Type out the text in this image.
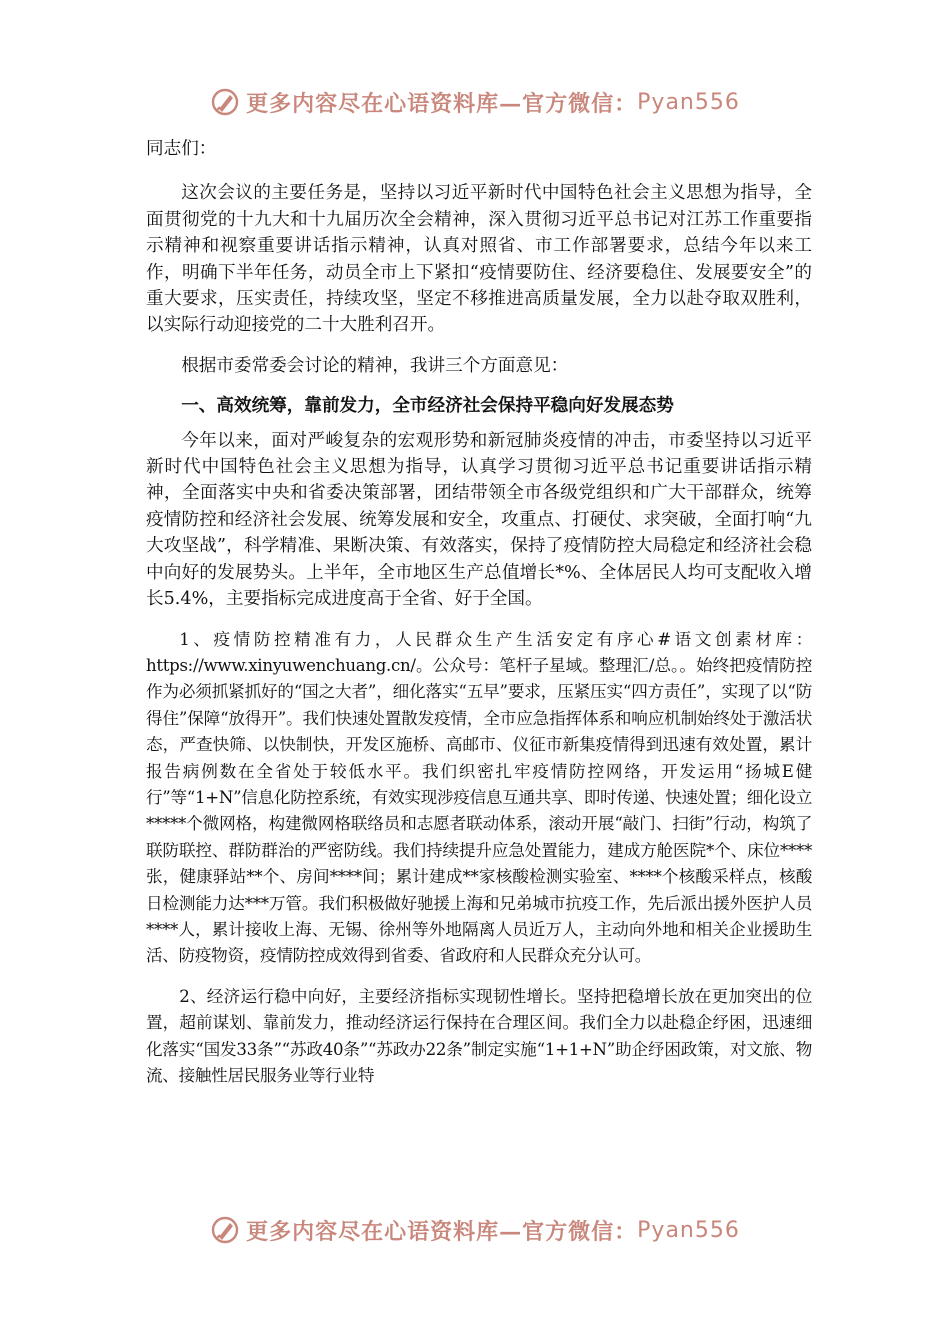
更多内容尽在心语资料库—官方微信： Pyan556

同志们：

这次会议的主要任务是，坚持以习近平新时代中国特色社会主义思想为指导，全面贯彻党的十九大和十九届历次全会精神，深入贯彻习近平总书记对江苏工作重要指示精神和视察重要讲话指示精神，认真对照省、市工作部署要求，总结今年以来工作，明确下半年任务，动员全市上下紧扣“疫情要防住、经济要稳住、发展要安全”的重大要求，压实责任，持续攻坚，坚定不移推进高质量发展，全力以赴夺取双胜利，以实际行动迎接党的二十大胜利召开。

根据市委常委会讨论的精神，我讲三个方面意见：

一、高效统筹，靠前发力，全市经济社会保持平稳向好发展态势

今年以来，面对严峻复杂的宏观形势和新冠肺炎疫情的冲击，市委坚持以习近平新时代中国特色社会主义思想为指导，认真学习贯彻习近平总书记重要讲话指示精神，全面落实中央和省委决策部署，团结带领全市各级党组织和广大干部群众，统筹疫情防控和经济社会发展、统筹发展和安全，攻重点、打硬仗、求突破，全面打响“九大攻坚战”，科学精准、果断决策、有效落实，保持了疫情防控大局稳定和经济社会稳中向好的发展势头。上半年，全市地区生产总值增长*%、全体居民人均可支配收入增长5.4%，主要指标完成进度高于全省、好于全国。

1、疫情防控精准有力，人民群众生产生活安定有序心#语文创素材库：https://www.xinyuwenchuang.cn/。公众号：笔杆子星域。整理汇/总。。始终把疫情防控作为必须抓紧抓好的“国之大者”，细化落实“五早”要求，压紧压实“四方责任”，实现了以“防得住”保障“放得开”。我们快速处置散发疫情，全市应急指挥体系和响应机制始终处于激活状态，严查快筛、以快制快，开发区施桥、高邮市、仪征市新集疫情得到迅速有效处置，累计报告病例数在全省处于较低水平。我们织密扎牢疫情防控网络，开发运用“扬城E健行”等“1+N”信息化防控系统，有效实现涉疫信息互通共享、即时传递、快速处置；细化设立*****个微网格，构建微网格联络员和志愿者联动体系，滚动开展“敲门、扫街”行动，构筑了联防联控、群防群治的严密防线。我们持续提升应急处置能力，建成方舱医院*个、床位****张，健康驿站**个、房间****间；累计建成**家核酸检测实验室、****个核酸采样点，核酸日检测能力达***万管。我们积极做好驰援上海和兄弟城市抗疫工作，先后派出援外医护人员****人，累计接收上海、无锡、徐州等外地隔离人员近万人，主动向外地和相关企业援助生活、防疫物资，疫情防控成效得到省委、省政府和人民群众充分认可。

2、经济运行稳中向好，主要经济指标实现韧性增长。坚持把稳增长放在更加突出的位置，超前谋划、靠前发力，推动经济运行保持在合理区间。我们全力以赴稳企纾困，迅速细化落实“国发33条”“苏政40条”“苏政办22条”制定实施“1+1+N”助企纾困政策，对文旅、物流、接触性居民服务业等行业特

更多内容尽在心语资料库—官方微信： Pyan556
